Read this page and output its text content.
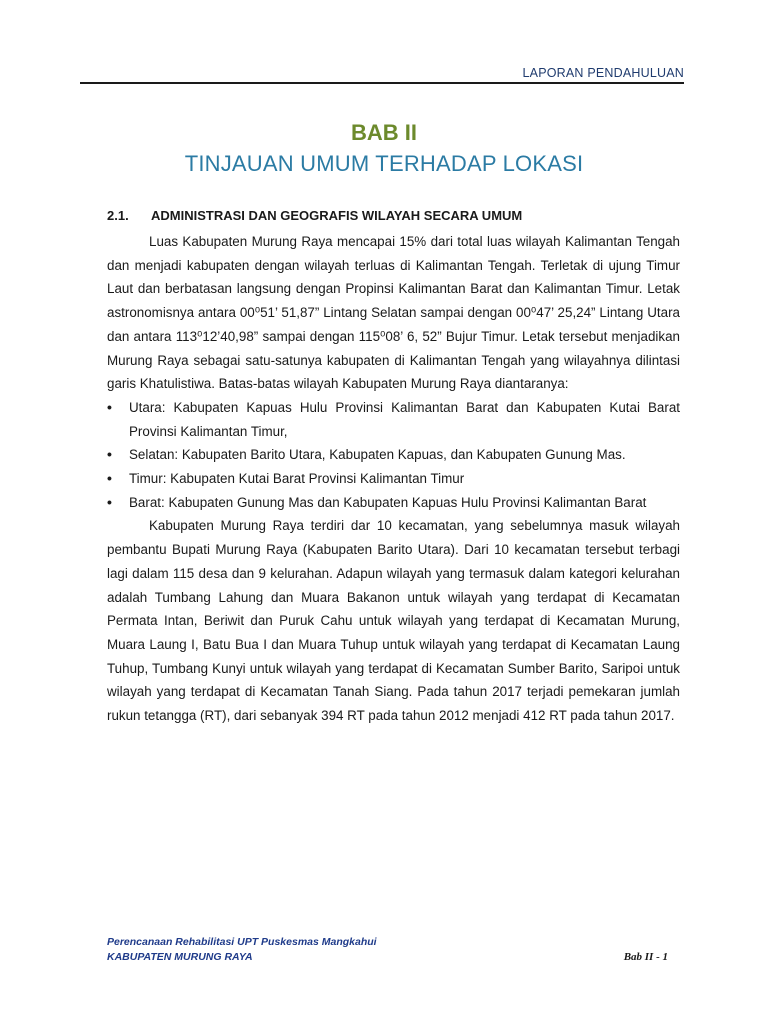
LAPORAN PENDAHULUAN
BAB II
TINJAUAN UMUM TERHADAP LOKASI
2.1. ADMINISTRASI DAN GEOGRAFIS WILAYAH SECARA UMUM

Luas Kabupaten Murung Raya mencapai 15% dari total luas wilayah Kalimantan Tengah dan menjadi kabupaten dengan wilayah terluas di Kalimantan Tengah. Terletak di ujung Timur Laut dan berbatasan langsung dengan Propinsi Kalimantan Barat dan Kalimantan Timur. Letak astronomisnya antara 00⁰51’ 51,87” Lintang Selatan sampai dengan 00⁰47’ 25,24” Lintang Utara dan antara 113⁰12’40,98” sampai dengan 115⁰08’ 6, 52” Bujur Timur. Letak tersebut menjadikan Murung Raya sebagai satu-satunya kabupaten di Kalimantan Tengah yang wilayahnya dilintasi garis Khatulistiwa. Batas-batas wilayah Kabupaten Murung Raya diantaranya:

• Utara: Kabupaten Kapuas Hulu Provinsi Kalimantan Barat dan Kabupaten Kutai Barat Provinsi Kalimantan Timur,
• Selatan: Kabupaten Barito Utara, Kabupaten Kapuas, dan Kabupaten Gunung Mas.
• Timur: Kabupaten Kutai Barat Provinsi Kalimantan Timur
• Barat: Kabupaten Gunung Mas dan Kabupaten Kapuas Hulu Provinsi Kalimantan Barat

Kabupaten Murung Raya terdiri dar 10 kecamatan, yang sebelumnya masuk wilayah pembantu Bupati Murung Raya (Kabupaten Barito Utara). Dari 10 kecamatan tersebut terbagi lagi dalam 115 desa dan 9 kelurahan. Adapun wilayah yang termasuk dalam kategori kelurahan adalah Tumbang Lahung dan Muara Bakanon untuk wilayah yang terdapat di Kecamatan Permata Intan, Beriwit dan Puruk Cahu untuk wilayah yang terdapat di Kecamatan Murung, Muara Laung I, Batu Bua I dan Muara Tuhup untuk wilayah yang terdapat di Kecamatan Laung Tuhup, Tumbang Kunyi untuk wilayah yang terdapat di Kecamatan Sumber Barito, Saripoi untuk wilayah yang terdapat di Kecamatan Tanah Siang. Pada tahun 2017 terjadi pemekaran jumlah rukun tetangga (RT), dari sebanyak 394 RT pada tahun 2012 menjadi 412 RT pada tahun 2017.

Perencanaan Rehabilitasi UPT Puskesmas Mangkahui
KABUPATEN MURUNG RAYA	Bab II - 1
